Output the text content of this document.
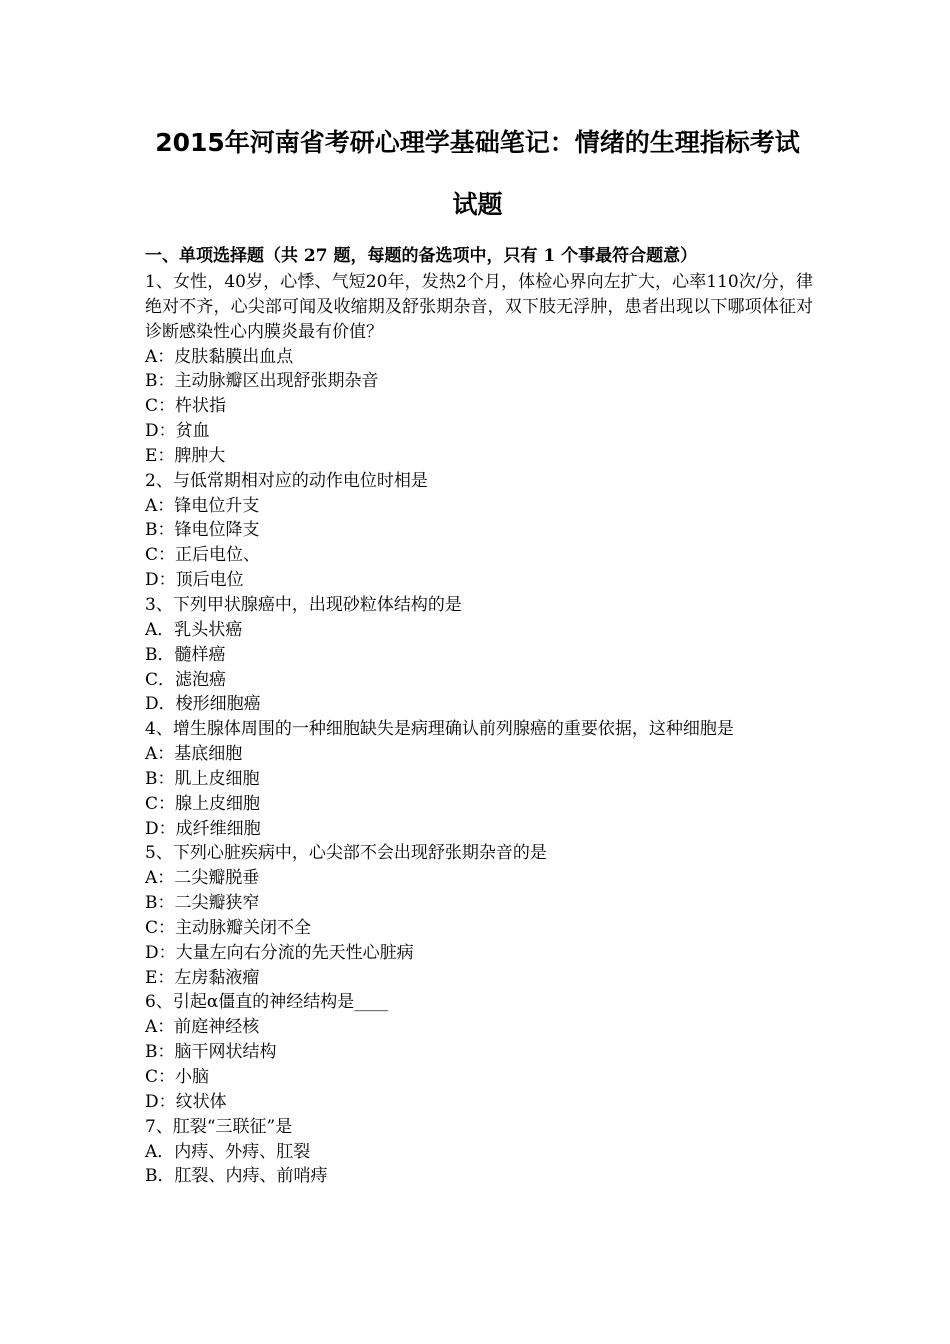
2015年河南省考研心理学基础笔记：情绪的生理指标考试试题
一、单项选择题（共 27 题，每题的备选项中，只有 1 个事最符合题意）

1、女性，40岁，心悸、气短20年，发热2个月，体检心界向左扩大，心率110次/分，律绝对不齐，心尖部可闻及收缩期及舒张期杂音，双下肢无浮肿，患者出现以下哪项体征对诊断感染性心内膜炎最有价值？

A：皮肤黏膜出血点

B：主动脉瓣区出现舒张期杂音

C：杵状指

D：贫血

E：脾肿大

2、与低常期相对应的动作电位时相是

A：锋电位升支

B：锋电位降支

C：正后电位、

D：顶后电位

3、下列甲状腺癌中，出现砂粒体结构的是

A．乳头状癌

B．髓样癌

C．滤泡癌

D．梭形细胞癌

4、增生腺体周围的一种细胞缺失是病理确认前列腺癌的重要依据，这种细胞是

A：基底细胞

B：肌上皮细胞

C：腺上皮细胞

D：成纤维细胞

5、下列心脏疾病中，心尖部不会出现舒张期杂音的是

A：二尖瓣脱垂

B：二尖瓣狭窄

C：主动脉瓣关闭不全

D：大量左向右分流的先天性心脏病

E：左房黏液瘤

6、引起α僵直的神经结构是____

A：前庭神经核

B：脑干网状结构

C：小脑

D：纹状体

7、肛裂“三联征”是

A．内痔、外痔、肛裂

B．肛裂、内痔、前哨痔
